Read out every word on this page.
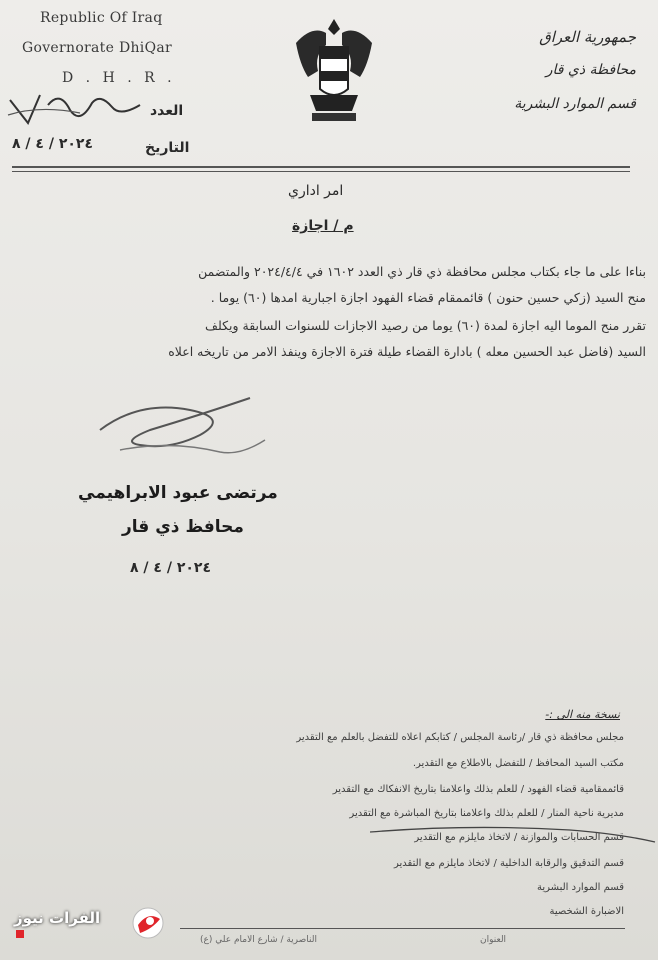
Republic Of Iraq
Governorate DhiQar
D . H . R .
العدد
التاريخ
٢٠٢٤ / ٤ / ٨
جمهورية العراق
محافظة ذي قار
قسم الموارد البشرية
امر اداري
م / اجازة
بناءا على ما جاء بكتاب مجلس محافظة ذي قار ذي العدد ١٦٠٢ في ٢٠٢٤/٤/٤ والمتضمن
منح السيد (زكي حسين حنون ) قائممقام قضاء الفهود اجازة اجبارية امدها (٦٠) يوما .
تقرر منح الموما اليه اجازة لمدة (٦٠) يوما من رصيد الاجازات للسنوات السابقة ويكلف
السيد (فاضل عبد الحسين معله ) بادارة القضاء طيلة فترة الاجازة وينفذ الامر من تاريخه اعلاه
مرتضى عبود الابراهيمي
محافظ ذي قار
٢٠٢٤ / ٤ / ٨
نسخة منه الى :-
مجلس محافظة ذي قار /رئاسة المجلس / كتابكم اعلاه للتفضل بالعلم مع التقدير
مكتب السيد المحافظ / للتفضل بالاطلاع مع التقدير.
قائممقامية قضاء الفهود / للعلم بذلك واعلامنا بتاريخ الانفكاك مع التقدير
مديرية ناحية المنار / للعلم بذلك واعلامنا بتاريخ المباشرة مع التقدير
قسم الحسابات والموازنة / لاتخاذ مايلزم مع التقدير
قسم التدقيق والرقابة الداخلية / لاتخاذ مايلزم مع التقدير
قسم الموارد البشرية
الاضبارة الشخصية
العنوان
الناصرية / شارع الامام علي (ع)
الفرات نيوز
